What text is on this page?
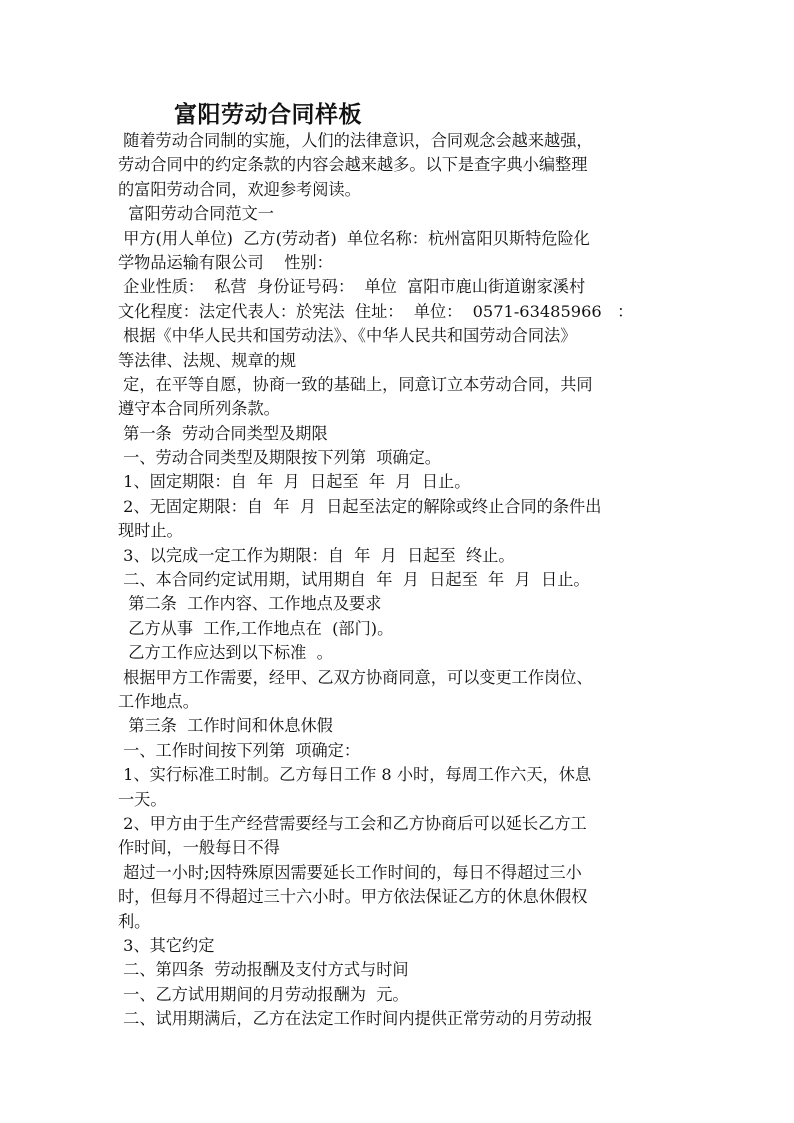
富阳劳动合同样板
随着劳动合同制的实施，人们的法律意识，合同观念会越来越强，
劳动合同中的约定条款的内容会越来越多。以下是查字典小编整理
的富阳劳动合同，欢迎参考阅读。
富阳劳动合同范文一
甲方(用人单位)  乙方(劳动者)  单位名称：杭州富阳贝斯特危险化
学物品运输有限公司    性别：
企业性质：  私营  身份证号码：  单位  富阳市鹿山街道谢家溪村
文化程度：法定代表人：於宪法  住址：  单位：  0571-63485966   ：
根据《中华人民共和国劳动法》、《中华人民共和国劳动合同法》
等法律、法规、规章的规
定，在平等自愿，协商一致的基础上，同意订立本劳动合同，共同
遵守本合同所列条款。
第一条  劳动合同类型及期限
一、劳动合同类型及期限按下列第  项确定。
1、固定期限：自  年  月  日起至  年  月  日止。
2、无固定期限：自  年  月  日起至法定的解除或终止合同的条件出
现时止。
3、以完成一定工作为期限：自  年  月  日起至  终止。
二、本合同约定试用期，试用期自  年  月  日起至  年  月  日止。
第二条  工作内容、工作地点及要求
乙方从事  工作,工作地点在  (部门)。
乙方工作应达到以下标准  。
根据甲方工作需要，经甲、乙双方协商同意，可以变更工作岗位、
工作地点。
第三条  工作时间和休息休假
一、工作时间按下列第  项确定：
1、实行标准工时制。乙方每日工作 8 小时，每周工作六天，休息
一天。
2、甲方由于生产经营需要经与工会和乙方协商后可以延长乙方工
作时间，一般每日不得
超过一小时;因特殊原因需要延长工作时间的，每日不得超过三小
时，但每月不得超过三十六小时。甲方依法保证乙方的休息休假权
利。
3、其它约定
二、第四条  劳动报酬及支付方式与时间
一、乙方试用期间的月劳动报酬为  元。
二、试用期满后，乙方在法定工作时间内提供正常劳动的月劳动报
